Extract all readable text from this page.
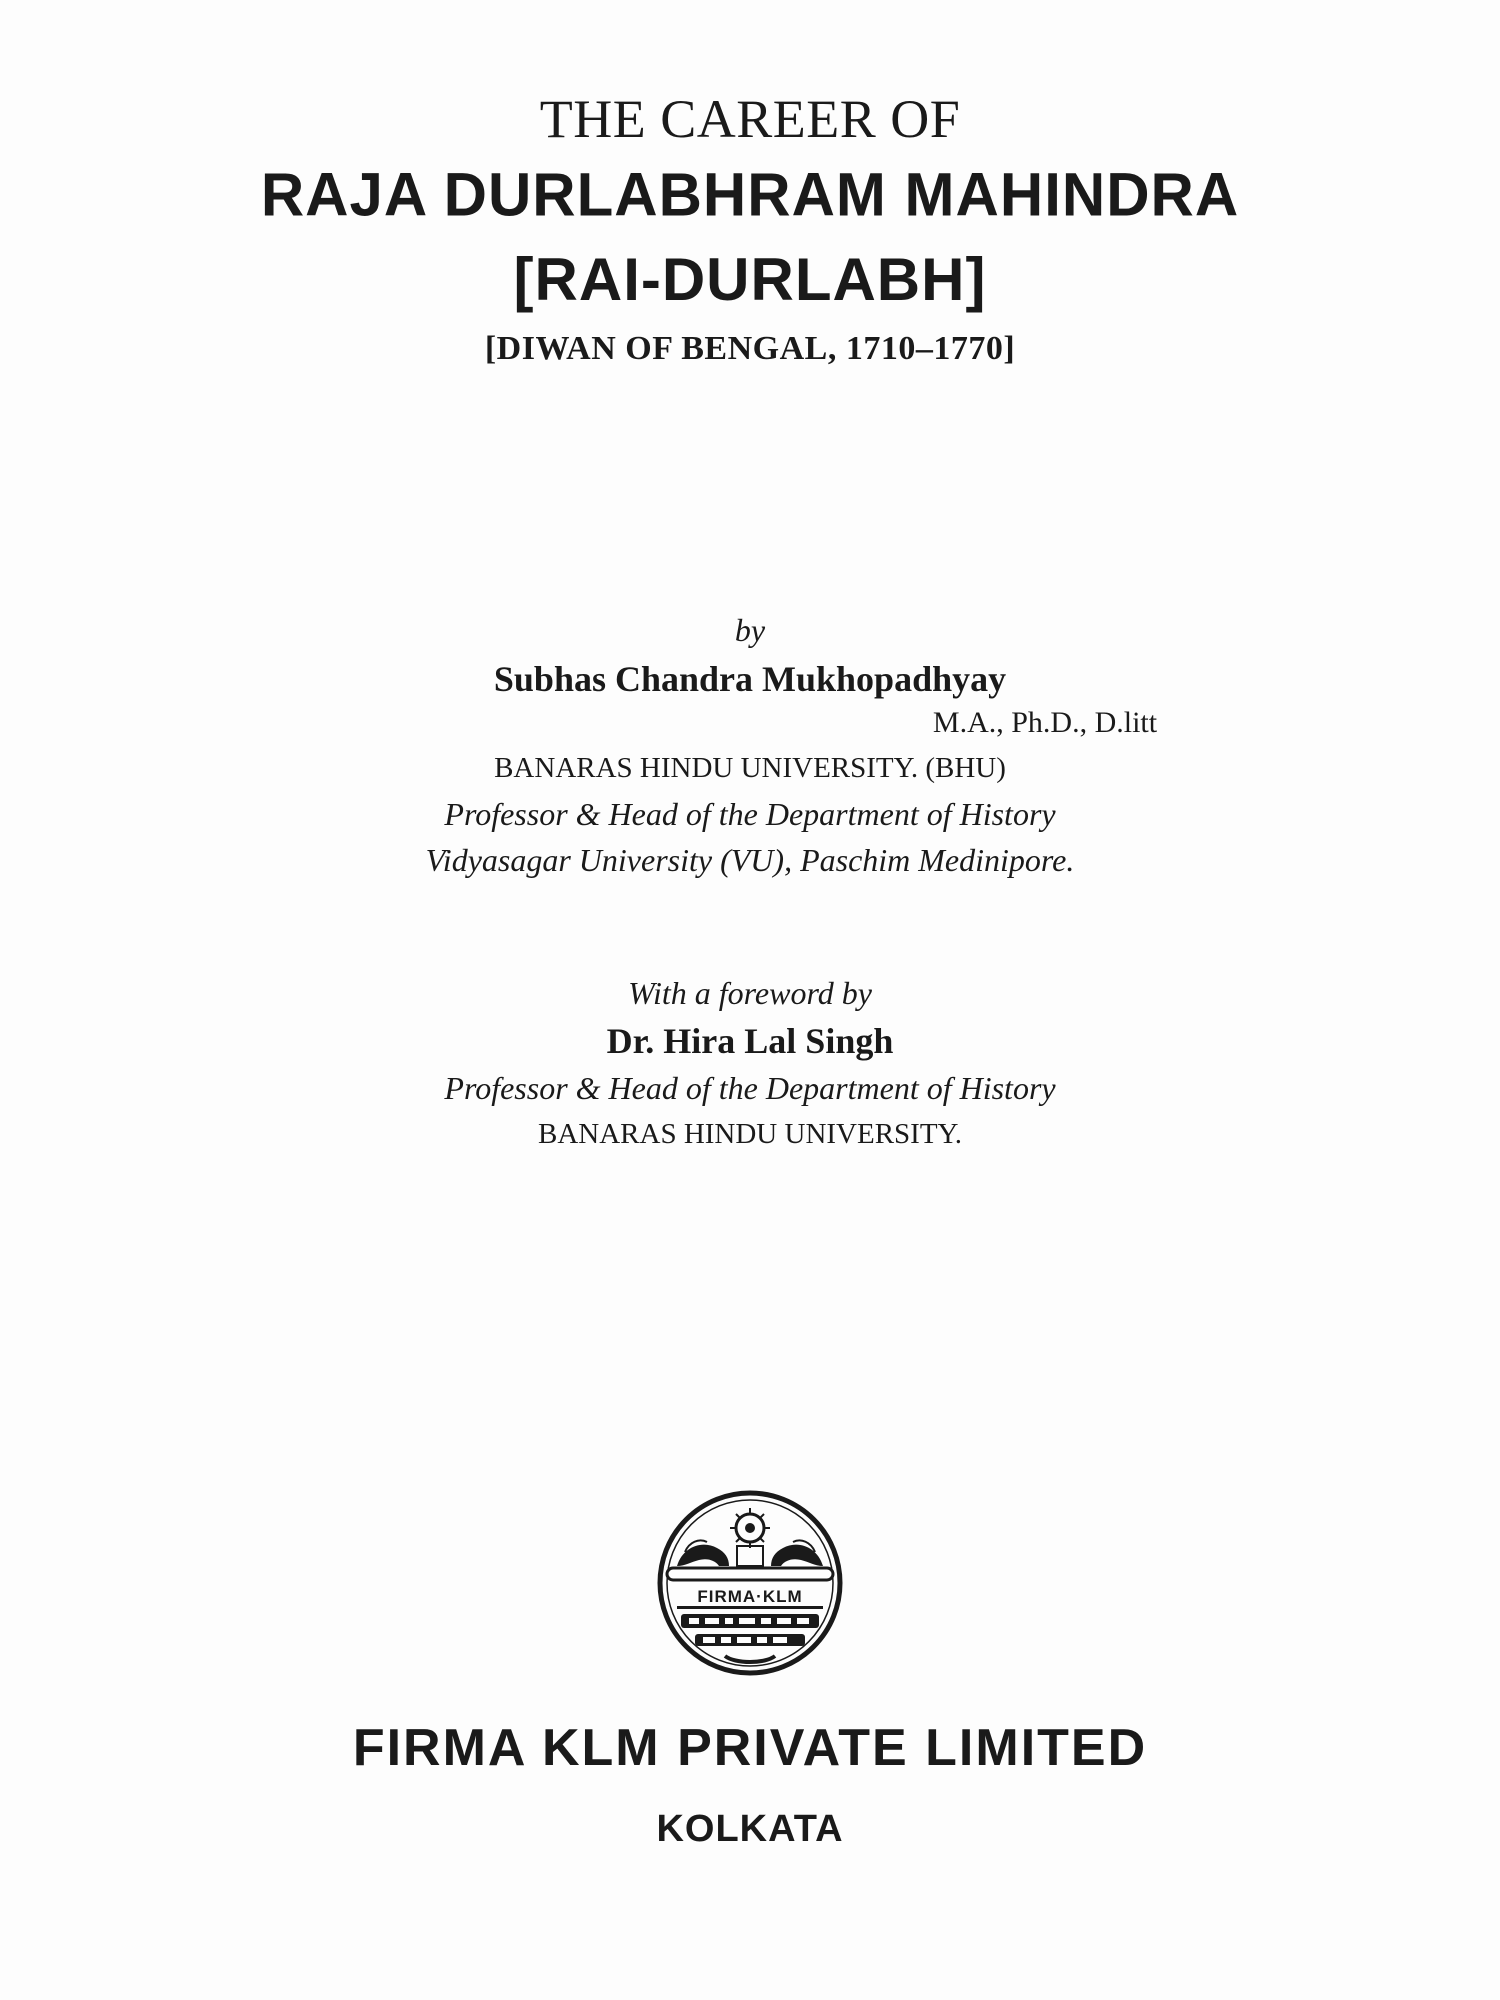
THE CAREER OF
RAJA DURLABHRAM MAHINDRA
[RAI-DURLABH]
[DIWAN OF BENGAL, 1710–1770]
by
Subhas Chandra Mukhopadhyay
M.A., Ph.D., D.litt
BANARAS HINDU UNIVERSITY. (BHU)
Professor & Head of the Department of History
Vidyasagar University (VU), Paschim Medinipore.
With a foreword by
Dr. Hira Lal Singh
Professor & Head of the Department of History
BANARAS HINDU UNIVERSITY.
FIRMA·KLM
FIRMA KLM PRIVATE LIMITED
KOLKATA
